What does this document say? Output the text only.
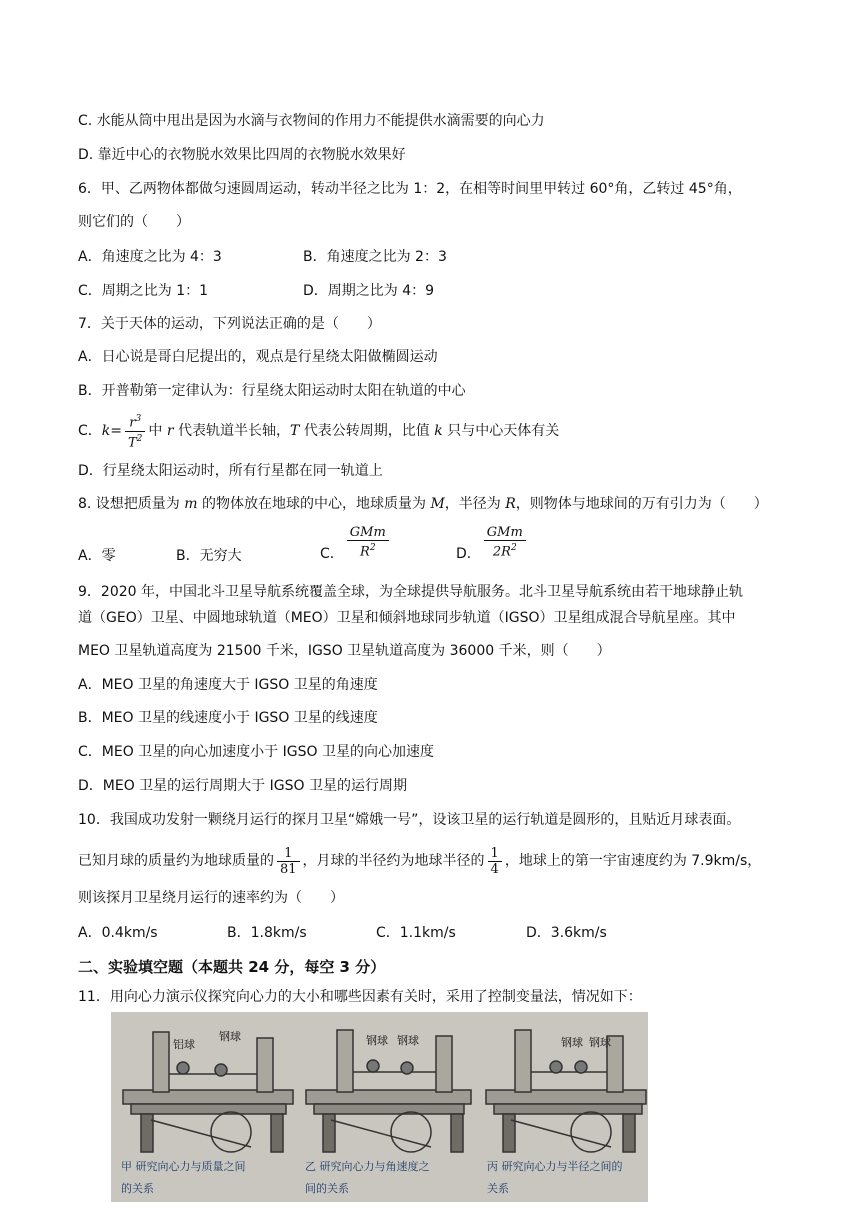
C. 水能从筒中甩出是因为水滴与衣物间的作用力不能提供水滴需要的向心力
D. 靠近中心的衣物脱水效果比四周的衣物脱水效果好
6．甲、乙两物体都做匀速圆周运动，转动半径之比为 1：2，在相等时间里甲转过 60°角，乙转过 45°角，
则它们的（　　）
A．角速度之比为 4：3	B．角速度之比为 2：3
C．周期之比为 1：1	D．周期之比为 4：9
7．关于天体的运动，下列说法正确的是（　　）
A．日心说是哥白尼提出的，观点是行星绕太阳做椭圆运动
B．开普勒第一定律认为：行星绕太阳运动时太阳在轨道的中心
C．$k= \frac{r^3}{T^2}$ 中 r 代表轨道半长轴，T 代表公转周期，比值 k 只与中心天体有关
D．行星绕太阳运动时，所有行星都在同一轨道上
8. 设想把质量为 m 的物体放在地球的中心，地球质量为 M，半径为 R，则物体与地球间的万有引力为（　　）
A．零	B．无穷大	C． $\frac{\text{GMm}}{R^2}$	D． $\frac{\text{GMm}}{2R^2}$
9．2020 年，中国北斗卫星导航系统覆盖全球，为全球提供导航服务。北斗卫星导航系统由若干地球静止轨
道（GEO）卫星、中圆地球轨道（MEO）卫星和倾斜地球同步轨道（IGSO）卫星组成混合导航星座。其中
MEO 卫星轨道高度为 21500 千米，IGSO 卫星轨道高度为 36000 千米，则（　　）
A．MEO 卫星的角速度大于 IGSO 卫星的角速度
B．MEO 卫星的线速度小于 IGSO 卫星的线速度
C．MEO 卫星的向心加速度小于 IGSO 卫星的向心加速度
D．MEO 卫星的运行周期大于 IGSO 卫星的运行周期
10．我国成功发射一颗绕月运行的探月卫星“嫦娥一号”，设该卫星的运行轨道是圆形的，且贴近月球表面。
已知月球的质量约为地球质量的 $\frac{1}{81}$ ，月球的半径约为地球半径的 $\frac{1}{4}$ ，地球上的第一宇宙速度约为 7.9km/s，
则该探月卫星绕月运行的速率约为（　　）
A．0.4km/s	B．1.8km/s	C．1.1km/s	D．3.6km/s
二、实验填空题（本题共 24 分，每空 3 分）
11．用向心力演示仪探究向心力的大小和哪些因素有关时，采用了控制变量法，情况如下：
铝球
钢球	钢球 钢球	钢球 钢球
甲 研究向心力与质量之间
的关系
乙 研究向心力与角速度之
间的关系
丙 研究向心力与半径之间的
关系
